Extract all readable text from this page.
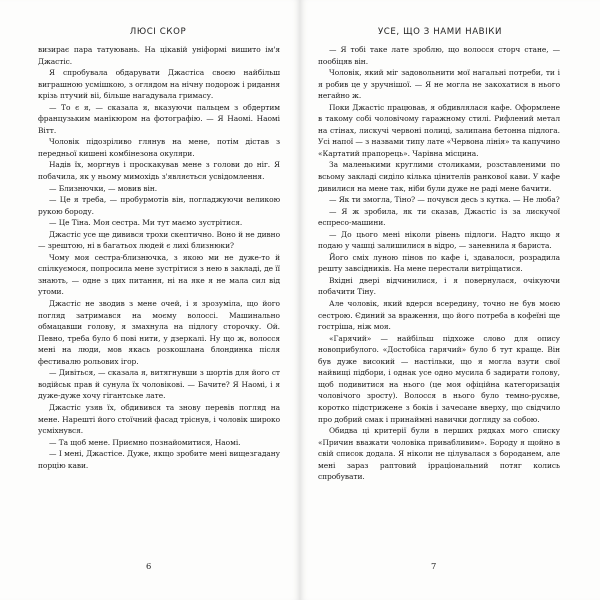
ЛЮСІ СКОР

визирає пара татуювань. На цікавій уніформі вишито ім'я Джастіс.

Я спробувала обдарувати Джастіса своєю найбільш виграшною усмішкою, з оглядом на нічну подорож і ридання крізь птучий віі, більше нагадувала гримасу.

— То є я, — сказала я, вказуючи пальцем з обдертим французьким манікюром на фотографію. — Я Наомі. Наомі Вітт.

Чоловік підозріливо глянув на мене, потім дістав з передньої кишені комбінезона окуляри.

Надів їх, моргнув і проскакував мене з голови до ніг. Я побачила, як у ньому мимохідь з'являється усвідомлення.

— Близнючки, — мовив він.

— Це я треба, — пробурмотів він, погладжуючи великою рукою бороду.

— Це Тіна. Моя сестра. Ми тут маємо зустрітися.

Джастіс усе ще дивився трохи скептично. Воно й не дивно — зрештою, ні в багатьох людей є лихі близнюки?

Чому моя сестра-близнючка, з якою ми не дуже-то й спілкуємося, попросила мене зустрітися з нею в закладі, де її знають, — одне з цих питання, ні на яке я не мала сил від утоми.

Джастіс не зводив з мене очей, і я зрозуміла, що його погляд затримався на моєму волоссі. Машинально обмацавши голову, я змахнула на підлогу сторочку. Ой. Певно, треба було б пові нити, у дзеркалі. Ну що ж, волосся мені на люди, мов якась розкошлана блондинка після фестивалю рольових ігор.

— Дивіться, — сказала я, витягнувши з шортів для його ст водійськ прав й сунула їх чоловікові. — Бачите? Я Наомі, і я дуже-дуже хочу гігантське лате.

Джастіс узяв їх, обдивився та знову перевів погляд на мене. Нарешті його стоїчний фасад тріснув, і чоловік широко усміхнувся.

— Та щоб мене. Приємно познайомитися, Наомі.

— І мені, Джастісе. Дуже, якщо зробите мені вищезгадану порцію кави.

6
УСЕ, ЩО З НАМИ НАВІКИ

— Я тобі таке лате зроблю, що волосся сторч стане, — пообіцяв він.

Чоловік, який міг задовольнити мої нагальні потреби, ти і я робив це у зручнішої. — Я не могла не закохатися в нього негайно ж.

Поки Джастіс працював, я обдивлялася кафе. Оформлене в такому собі чоловічому гаражному стилі. Рифлений метал на стінах, лискучі червоні полиці, залипана бетонна підлога. Усі напої — з назвами типу лате «Червона лінія» та капучино «Картатий прапорець». Чарівна місцина.

За маленькими круглими столиками, розставленими по всьому закладі сиділо кілька цінителів ранкової кави. У кафе дивилися на мене так, ніби були дуже не раді мене бачити.

— Як ти змогла, Тіно? — почувся десь з кутка. — Не люба?

— Я ж зробила, як ти сказав, Джастіс із за лискучої еспресо-машини.

— До цього мені ніколи рівень підлоги. Надто якщо я подаю у чашці залишилися в відро, — заневнила я бариста.

Його сміх луною пінов по кафе і, здавалося, розрадила решту завсідників. На мене перестали витріщатися.

Вхідні двері відчинилися, і я повернулася, очікуючи побачити Тіну.

Але чоловік, який вдерся всередину, точно не був моєю сестрою. Єдиний за враження, що його потреба в кофеїні ще гостріша, ніж моя.

«Гарячий» — найбільш підхоже слово для опису новоприбулого. «Достобіса гарячий» було б тут краще. Він був дуже високий — настільки, що я могла взути свої найвищі підбори, і однак усе одно мусила б задирати голову, щоб подивитися на нього (це моя офіційна категоризація чоловічого зросту). Волосся в нього було темно-русяве, коротко підстрижене з боків і зачесане вверху, що свідчило про добрий смак і принаймні навички догляду за собою.

Обидва ці критерії були в перших рядках мого списку «Причин вважати чоловіка привабливим». Бороду я щойно в свій список додала. Я ніколи не цілувалася з бороданем, але мені зараз раптовий ірраціональний потяг колись спробувати.

7
